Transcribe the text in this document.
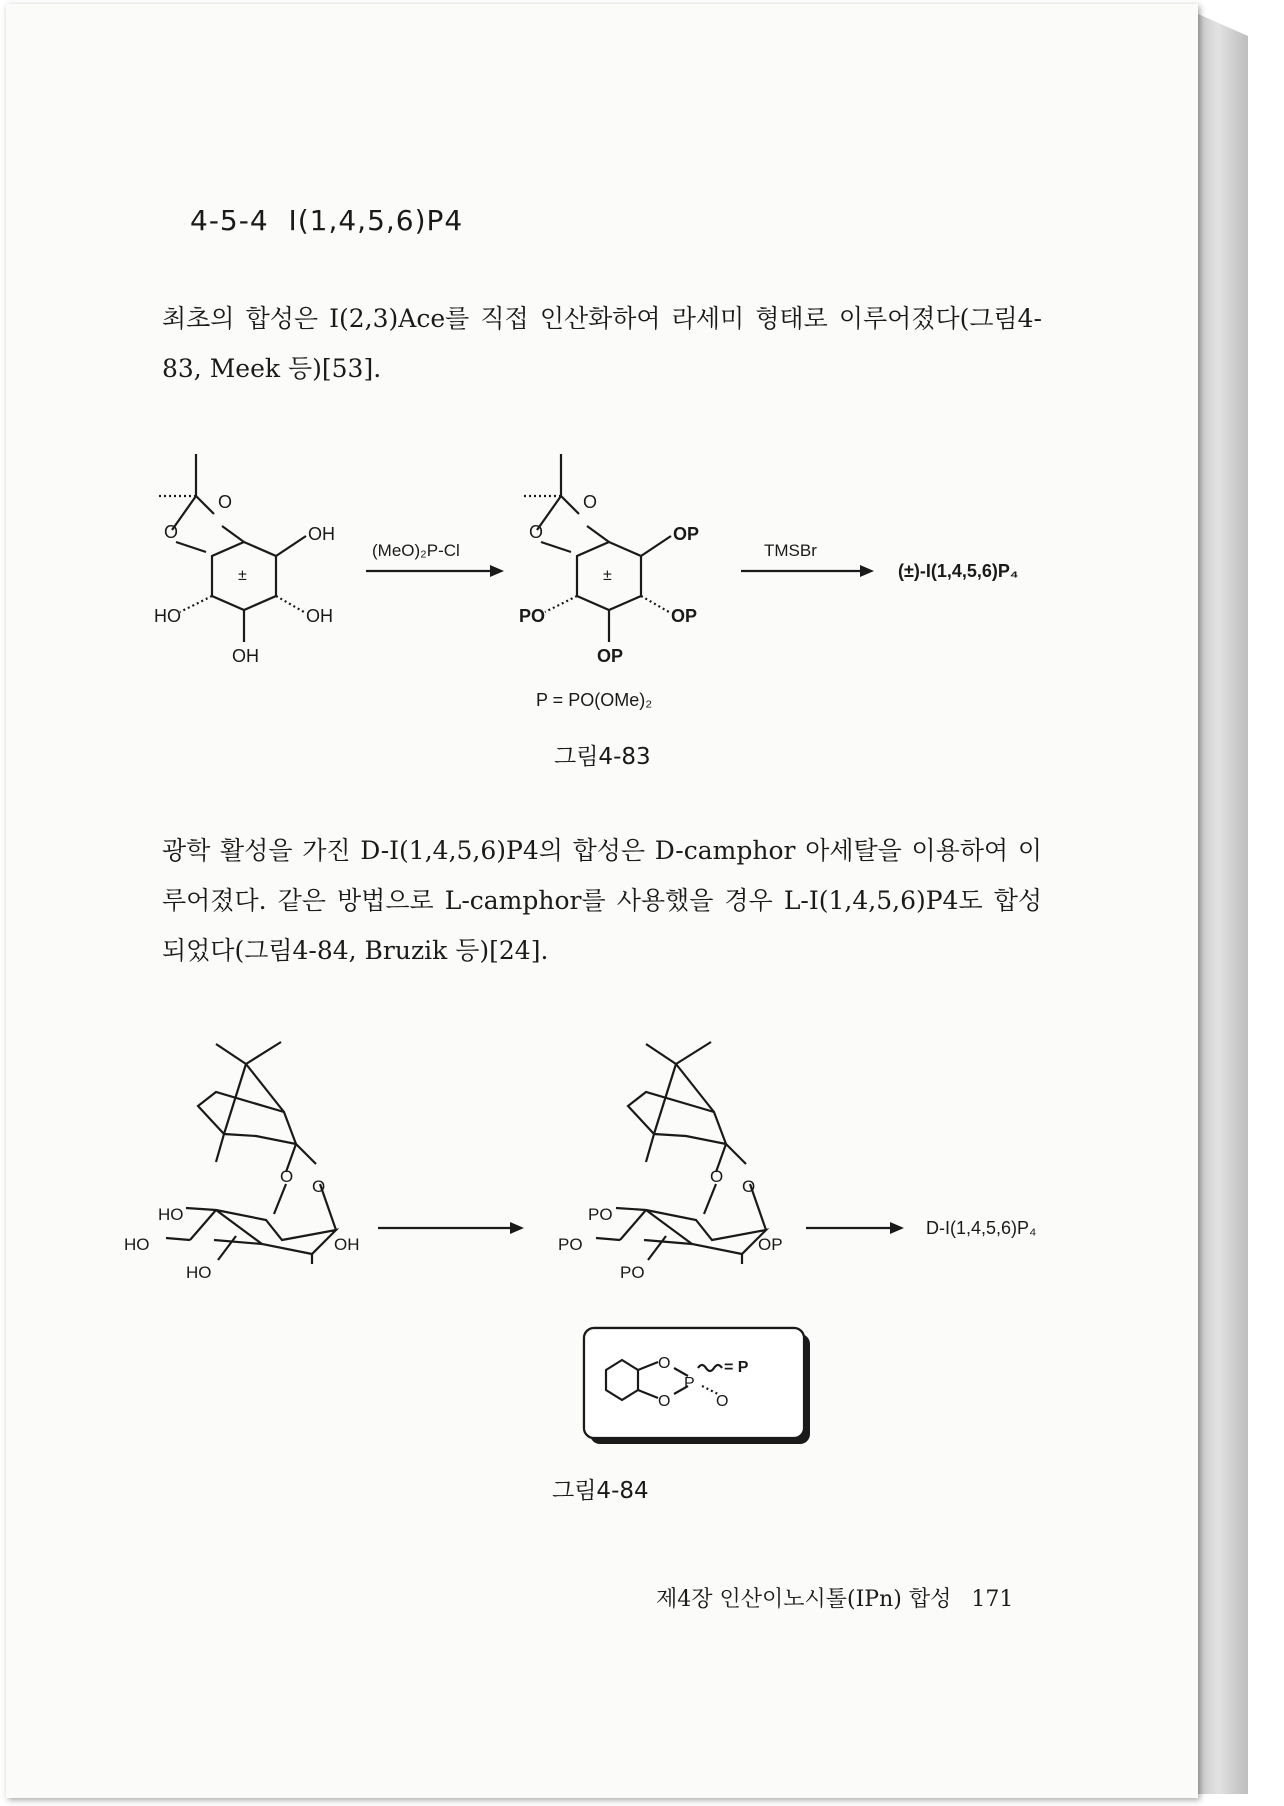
4-5-4 I(1,4,5,6)P4
최초의 합성은 I(2,3)Ace를 직접 인산화하여 라세미 형태로 이루어졌다(그림4-83, Meek 등)[53].
O
O	OH
OH
OH
HO
±
(MeO)₂P-Cl
O
O	OP
OP
OP
PO
±
TMSBr
(±)-I(1,4,5,6)P₄
P = PO(OMe)₂
그림4-83
광학 활성을 가진 D-I(1,4,5,6)P4의 합성은 D-camphor 아세탈을 이용하여 이루어졌다. 같은 방법으로 L-camphor를 사용했을 경우 L-I(1,4,5,6)P4도 합성되었다(그림4-84, Bruzik 등)[24].
O
O
HO
HO
HO
OH
O
O
PO
PO
PO
OP
D-I(1,4,5,6)P₄
O
O
P
O
= P
그림4-84
제4장 인산이노시톨(IPn) 합성 171
